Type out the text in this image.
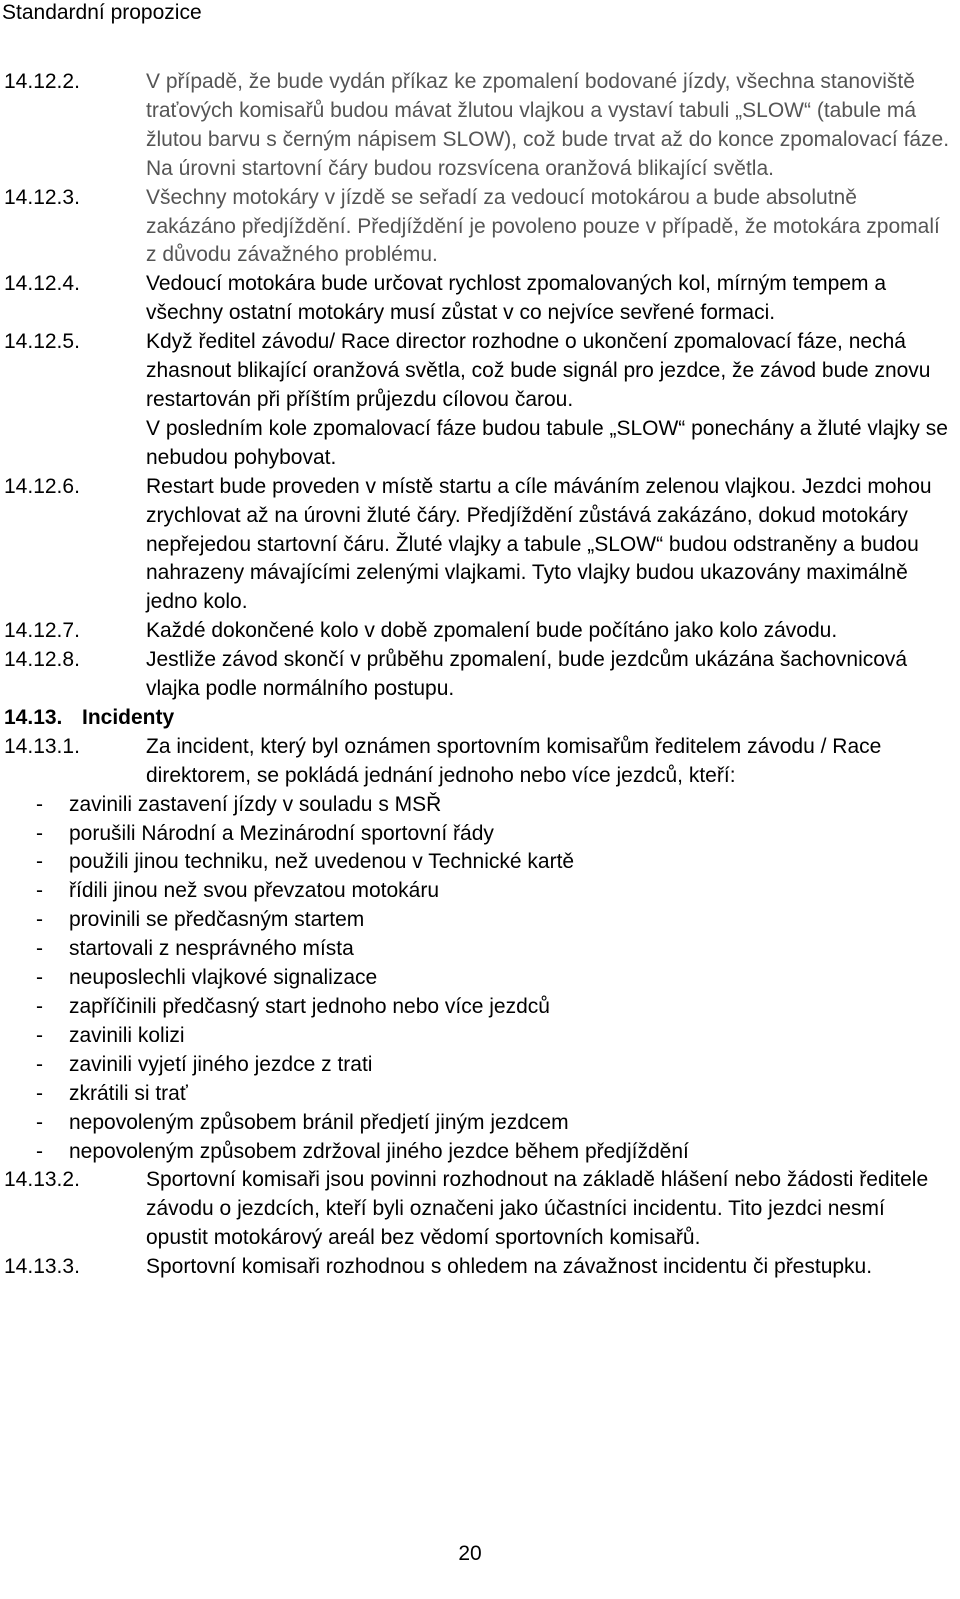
Standardní propozice
14.12.2.	V případě, že bude vydán příkaz ke zpomalení bodované jízdy, všechna stanoviště traťových komisařů budou mávat žlutou vlajkou a vystaví tabuli „SLOW“ (tabule má žlutou barvu s černým nápisem SLOW), což bude trvat až do konce zpomalovací fáze. Na úrovni startovní čáry budou rozsvícena oranžová blikající světla.

14.12.3.	Všechny motokáry v jízdě se seřadí za vedoucí motokárou a bude absolutně zakázáno předjíždění. Předjíždění je povoleno pouze v případě, že motokára zpomalí z důvodu závažného problému.

14.12.4.	Vedoucí motokára bude určovat rychlost zpomalovaných kol, mírným tempem a všechny ostatní motokáry musí zůstat v co nejvíce sevřené formaci.

14.12.5.	Když ředitel závodu/ Race director rozhodne o ukončení zpomalovací fáze, nechá zhasnout blikající oranžová světla, což bude signál pro jezdce, že závod bude znovu restartován při příštím průjezdu cílovou čarou.

V posledním kole zpomalovací fáze budou tabule „SLOW“ ponechány a žluté vlajky se nebudou pohybovat.

14.12.6.	Restart bude proveden v místě startu a cíle máváním zelenou vlajkou. Jezdci mohou zrychlovat až na úrovni žluté čáry. Předjíždění zůstává zakázáno, dokud motokáry nepřejedou startovní čáru. Žluté vlajky a tabule „SLOW“ budou odstraněny a budou nahrazeny mávajícími zelenými vlajkami. Tyto vlajky budou ukazovány maximálně jedno kolo.

14.12.7.	Každé dokončené kolo v době zpomalení bude počítáno jako kolo závodu.

14.12.8.	Jestliže závod skončí v průběhu zpomalení, bude jezdcům ukázána šachovnicová vlajka podle normálního postupu.

14.13. Incidenty
14.13.1.	Za incident, který byl oznámen sportovním komisařům ředitelem závodu / Race direktorem, se pokládá jednání jednoho nebo více jezdců, kteří:

-	zavinili zastavení jízdy v souladu s MSŘ
-	porušili Národní a Mezinárodní sportovní řády
-	použili jinou techniku, než uvedenou v Technické kartě
-	řídili jinou než svou převzatou motokáru
-	provinili se předčasným startem
-	startovali z nesprávného místa
-	neuposlechli vlajkové signalizace
-	zapříčinili předčasný start jednoho nebo více jezdců
-	zavinili kolizi
-	zavinili vyjetí jiného jezdce z trati
-	zkrátili si trať
-	nepovoleným způsobem bránil předjetí jiným jezdcem
-	nepovoleným způsobem zdržoval jiného jezdce během předjíždění
14.13.2.	Sportovní komisaři jsou povinni rozhodnout na základě hlášení nebo žádosti ředitele závodu o jezdcích, kteří byli označeni jako účastníci incidentu. Tito jezdci nesmí opustit motokárový areál bez vědomí sportovních komisařů.

14.13.3.	Sportovní komisaři rozhodnou s ohledem na závažnost incidentu či přestupku.

20
